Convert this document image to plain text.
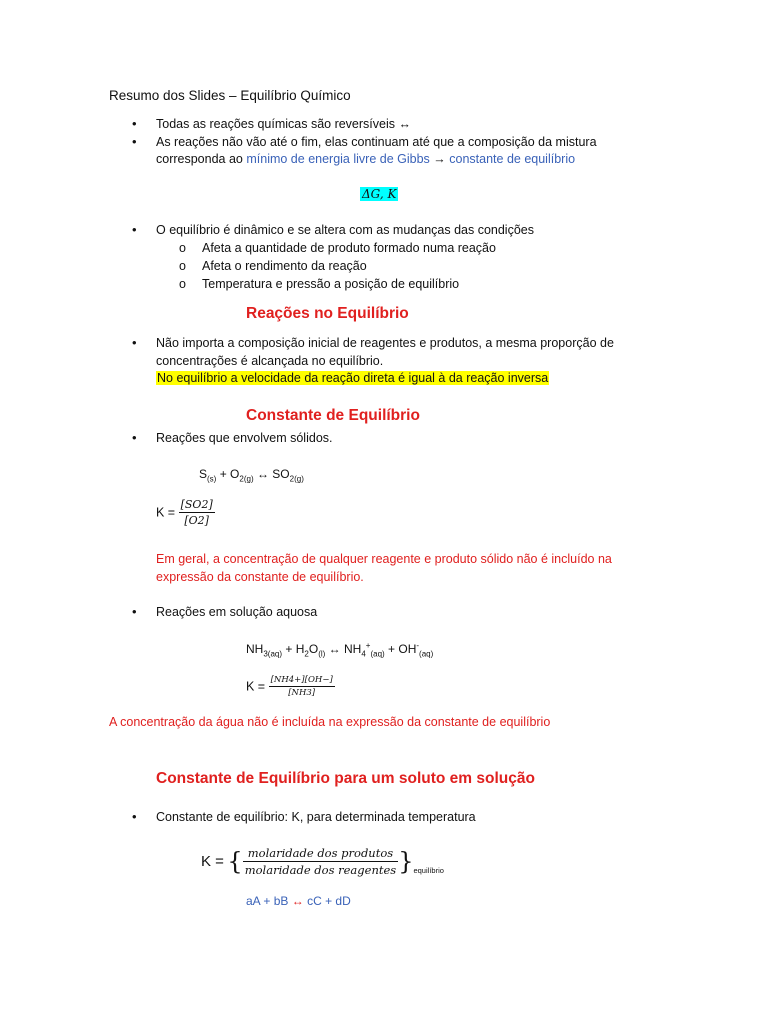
Resumo dos Slides – Equilíbrio Químico
• Todas as reações químicas são reversíveis ↔
• As reações não vão até o fim, elas continuam até que a composição da mistura
corresponda ao mínimo de energia livre de Gibbs → constante de equilíbrio
ΔG, K
• O equilíbrio é dinâmico e se altera com as mudanças das condições
o Afeta a quantidade de produto formado numa reação
o Afeta o rendimento da reação
o Temperatura e pressão a posição de equilíbrio
Reações no Equilíbrio
• Não importa a composição inicial de reagentes e produtos, a mesma proporção de
concentrações é alcançada no equilíbrio.
No equilíbrio a velocidade da reação direta é igual à da reação inversa
Constante de Equilíbrio
• Reações que envolvem sólidos.
$S_{(s)} + O_{2(g)}$ ↔ $SO_{2(g)}$
$K = \frac{[SO2]}{[O2]}$
Em geral, a concentração de qualquer reagente e produto sólido não é incluído na
expressão da constante de equilíbrio.
• Reações em solução aquosa
$NH_{3(aq)} + H_2O_{(l)}$ ↔ $NH_4^+_{(aq)} + OH^-_{(aq)}$
$K = \frac{[NH4+][OH-]}{[NH3]}$
A concentração da água não é incluída na expressão da constante de equilíbrio
Constante de Equilíbrio para um soluto em solução
• Constante de equilíbrio: K, para determinada temperatura
K = { $\frac{\text{molaridade dos produtos}}{\text{molaridade dos reagentes}} \}_{equilíbrio}$
aA + bB ↔ cC + dD
